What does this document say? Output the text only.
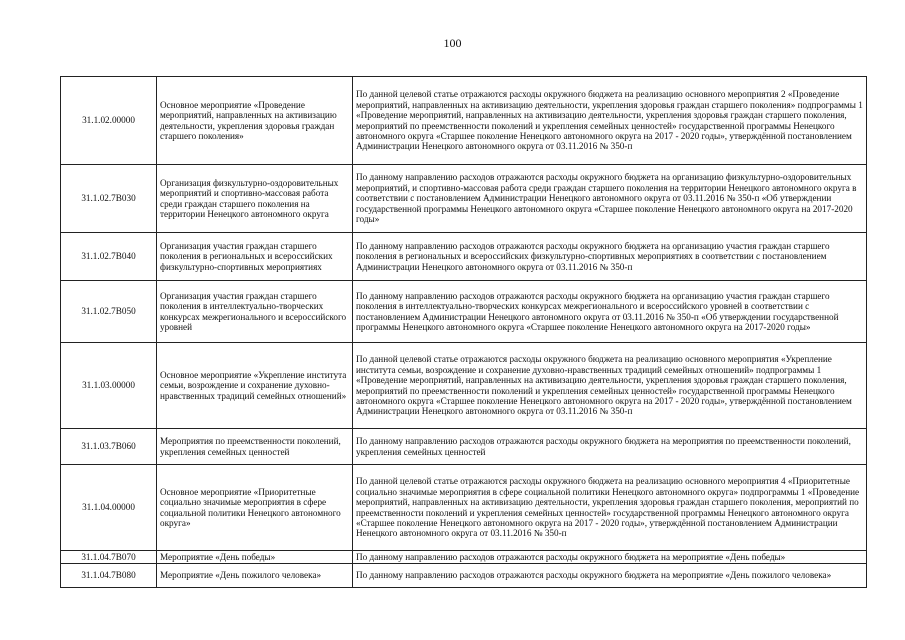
100
31.1.02.00000	Основное мероприятие «Проведение мероприятий, направленных на активизацию деятельности, укрепления здоровья граждан старшего поколения»	По данной целевой статье отражаются расходы окружного бюджета на реализацию основного мероприятия 2 «Проведение мероприятий, направленных на активизацию деятельности, укрепления здоровья граждан старшего поколения» подпрограммы 1 «Проведение мероприятий, направленных на активизацию деятельности, укрепления здоровья граждан старшего поколения, мероприятий по преемственности поколений и укрепления семейных ценностей» государственной программы Ненецкого автономного округа «Старшее поколение Ненецкого автономного округа на 2017 - 2020 годы», утверждённой постановлением Администрации Ненецкого автономного округа от 03.11.2016 № 350-п
31.1.02.7В030	Организация физкультурно-оздоровительных мероприятий и спортивно-массовая работа среди граждан старшего поколения на территории Ненецкого автономного округа	По данному направлению расходов отражаются расходы окружного бюджета на организацию физкультурно-оздоровительных мероприятий, и спортивно-массовая работа среди граждан старшего поколения на территории Ненецкого автономного округа в соответствии с постановлением Администрации Ненецкого автономного округа от 03.11.2016 № 350-п «Об утверждении государственной программы Ненецкого автономного округа «Старшее поколение Ненецкого автономного округа на 2017-2020 годы»
31.1.02.7В040	Организация участия граждан старшего поколения в региональных и всероссийских физкультурно-спортивных мероприятиях	По данному направлению расходов отражаются расходы окружного бюджета на организацию участия граждан старшего поколения в региональных и всероссийских физкультурно-спортивных мероприятиях в соответствии с постановлением Администрации Ненецкого автономного округа от 03.11.2016 № 350-п
31.1.02.7В050	Организация участия граждан старшего поколения в интеллектуально-творческих конкурсах межрегионального и всероссийского уровней	По данному направлению расходов отражаются расходы окружного бюджета на организацию участия граждан старшего поколения в интеллектуально-творческих конкурсах межрегионального и всероссийского уровней в соответствии с постановлением Администрации Ненецкого автономного округа от 03.11.2016 № 350-п «Об утверждении государственной программы Ненецкого автономного округа «Старшее поколение Ненецкого автономного округа на 2017-2020 годы»
31.1.03.00000	Основное мероприятие «Укрепление института семьи, возрождение и сохранение духовно-нравственных традиций семейных отношений»	По данной целевой статье отражаются расходы окружного бюджета на реализацию основного мероприятия «Укрепление института семьи, возрождение и сохранение духовно-нравственных традиций семейных отношений» подпрограммы 1 «Проведение мероприятий, направленных на активизацию деятельности, укрепления здоровья граждан старшего поколения, мероприятий по преемственности поколений и укрепления семейных ценностей» государственной программы Ненецкого автономного округа «Старшее поколение Ненецкого автономного округа на 2017 - 2020 годы», утверждённой постановлением Администрации Ненецкого автономного округа от 03.11.2016 № 350-п
31.1.03.7В060	Мероприятия по преемственности поколений, укрепления семейных ценностей	По данному направлению расходов отражаются расходы окружного бюджета на мероприятия по преемственности поколений, укрепления семейных ценностей
31.1.04.00000	Основное мероприятие «Приоритетные социально значимые мероприятия в сфере социальной политики Ненецкого автономного округа»	По данной целевой статье отражаются расходы окружного бюджета на реализацию основного мероприятия 4 «Приоритетные социально значимые мероприятия в сфере социальной политики Ненецкого автономного округа» подпрограммы 1 «Проведение мероприятий, направленных на активизацию деятельности, укрепления здоровья граждан старшего поколения, мероприятий по преемственности поколений и укрепления семейных ценностей» государственной программы Ненецкого автономного округа «Старшее поколение Ненецкого автономного округа на 2017 - 2020 годы», утверждённой постановлением Администрации Ненецкого автономного округа от 03.11.2016 № 350-п
31.1.04.7В070	Мероприятие «День победы»	По данному направлению расходов отражаются расходы окружного бюджета на мероприятие «День победы»
31.1.04.7В080	Мероприятие «День пожилого человека»	По данному направлению расходов отражаются расходы окружного бюджета на мероприятие «День пожилого человека»
